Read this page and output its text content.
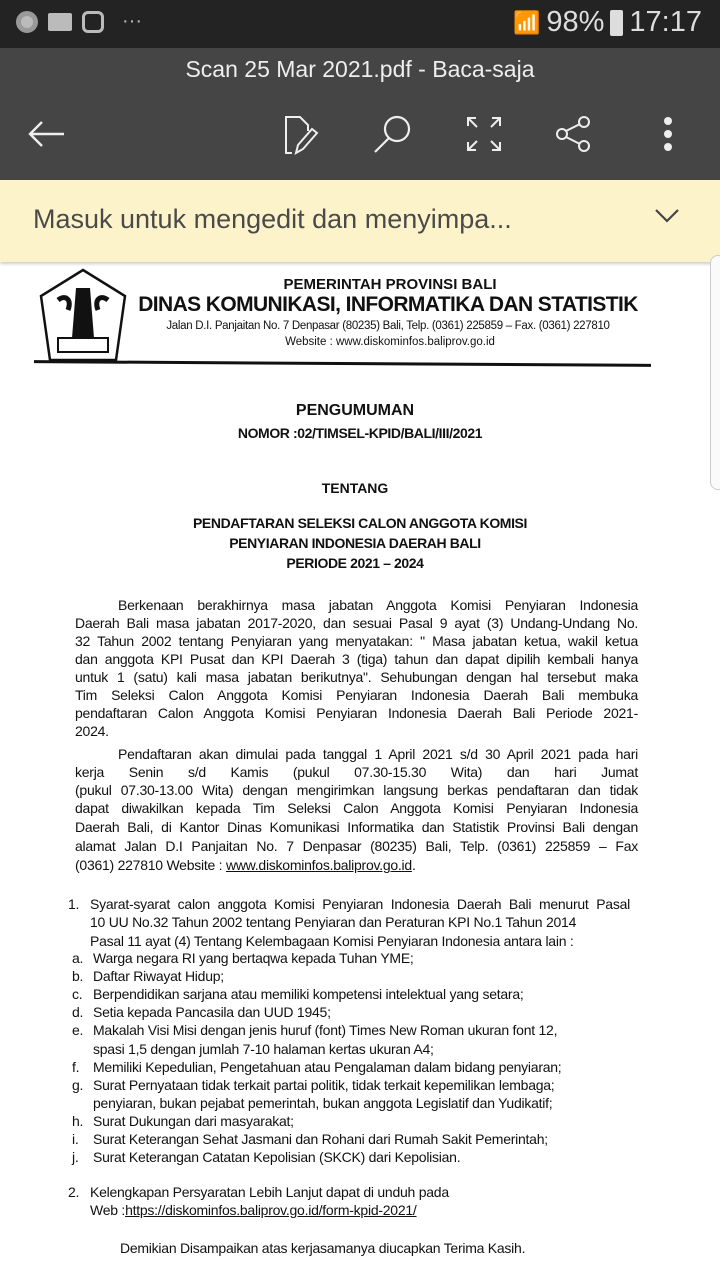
···	📶 98% 17:17
Scan 25 Mar 2021.pdf - Baca-saja
Masuk untuk mengedit dan menyimpa...
PEMERINTAH PROVINSI BALI
DINAS KOMUNIKASI, INFORMATIKA DAN STATISTIK
Jalan D.I. Panjaitan No. 7 Denpasar (80235) Bali, Telp. (0361) 225859 – Fax. (0361) 227810
Website : www.diskominfos.baliprov.go.id
PENGUMUMAN
NOMOR :02/TIMSEL-KPID/BALI/III/2021
TENTANG
PENDAFTARAN SELEKSI CALON ANGGOTA KOMISI
PENYIARAN INDONESIA DAERAH BALI
PERIODE 2021 – 2024
Berkenaan berakhirnya masa jabatan Anggota Komisi Penyiaran Indonesia
Daerah Bali masa jabatan 2017-2020, dan sesuai Pasal 9 ayat (3) Undang-Undang No.
32 Tahun 2002 tentang Penyiaran yang menyatakan: " Masa jabatan ketua, wakil ketua
dan anggota KPI Pusat dan KPI Daerah 3 (tiga) tahun dan dapat dipilih kembali hanya
untuk 1 (satu) kali masa jabatan berikutnya". Sehubungan dengan hal tersebut maka
Tim Seleksi Calon Anggota Komisi Penyiaran Indonesia Daerah Bali membuka
pendaftaran Calon Anggota Komisi Penyiaran Indonesia Daerah Bali Periode 2021-
2024.
Pendaftaran akan dimulai pada tanggal 1 April 2021 s/d 30 April 2021 pada hari
kerja Senin s/d Kamis (pukul 07.30-15.30 Wita) dan hari Jumat
(pukul 07.30-13.00 Wita) dengan mengirimkan langsung berkas pendaftaran dan tidak
dapat diwakilkan kepada Tim Seleksi Calon Anggota Komisi Penyiaran Indonesia
Daerah Bali, di Kantor Dinas Komunikasi Informatika dan Statistik Provinsi Bali dengan
alamat Jalan D.I Panjaitan No. 7 Denpasar (80235) Bali, Telp. (0361) 225859 – Fax
(0361) 227810 Website : www.diskominfos.baliprov.go.id.
1. Syarat-syarat calon anggota Komisi Penyiaran Indonesia Daerah Bali menurut Pasal
10 UU No.32 Tahun 2002 tentang Penyiaran dan Peraturan KPI No.1 Tahun 2014
Pasal 11 ayat (4) Tentang Kelembagaan Komisi Penyiaran Indonesia antara lain :
a. Warga negara RI yang bertaqwa kepada Tuhan YME;
b. Daftar Riwayat Hidup;
c. Berpendidikan sarjana atau memiliki kompetensi intelektual yang setara;
d. Setia kepada Pancasila dan UUD 1945;
e. Makalah Visi Misi dengan jenis huruf (font) Times New Roman ukuran font 12,
spasi 1,5 dengan jumlah 7-10 halaman kertas ukuran A4;
f. Memiliki Kepedulian, Pengetahuan atau Pengalaman dalam bidang penyiaran;
g. Surat Pernyataan tidak terkait partai politik, tidak terkait kepemilikan lembaga;
penyiaran, bukan pejabat pemerintah, bukan anggota Legislatif dan Yudikatif;
h. Surat Dukungan dari masyarakat;
i. Surat Keterangan Sehat Jasmani dan Rohani dari Rumah Sakit Pemerintah;
j. Surat Keterangan Catatan Kepolisian (SKCK) dari Kepolisian.
2. Kelengkapan Persyaratan Lebih Lanjut dapat di unduh pada
Web :https://diskominfos.baliprov.go.id/form-kpid-2021/
Demikian Disampaikan atas kerjasamanya diucapkan Terima Kasih.
